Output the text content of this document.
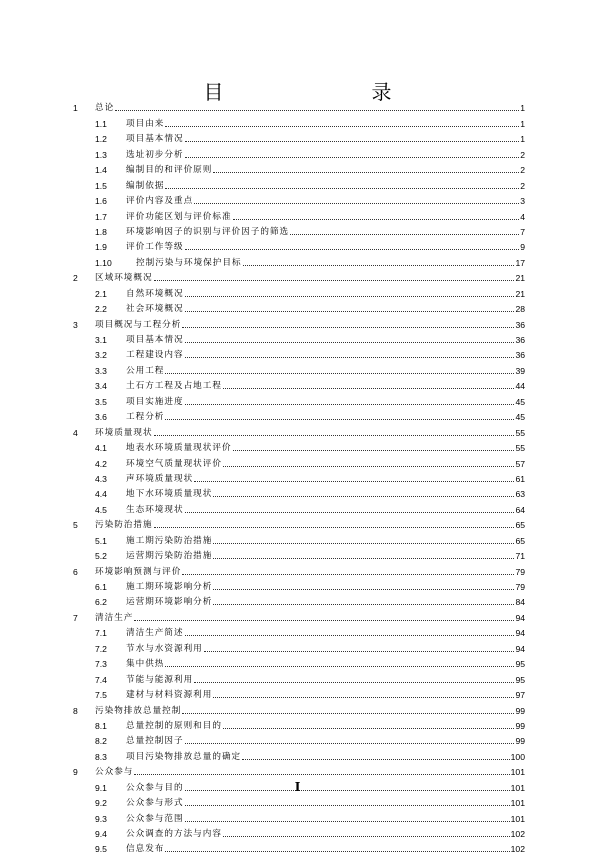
目　　录
1 总论	1
1.1 项目由来	1
1.2 项目基本情况	1
1.3 选址初步分析	2
1.4 编制目的和评价原则	2
1.5 编制依据	2
1.6 评价内容及重点	3
1.7 评价功能区划与评价标准	4
1.8 环境影响因子的识别与评价因子的筛选	7
1.9 评价工作等级	9
1.10	控制污染与环境保护目标	17
2 区域环境概况	21
2.1 自然环境概况	21
2.2 社会环境概况	28
3 项目概况与工程分析	36
3.1 项目基本情况	36
3.2 工程建设内容	36
3.3 公用工程	39
3.4 土石方工程及占地工程	44
3.5 项目实施进度	45
3.6 工程分析	45
4 环境质量现状	55
4.1 地表水环境质量现状评价	55
4.2 环境空气质量现状评价	57
4.3 声环境质量现状	61
4.4 地下水环境质量现状	63
4.5 生态环境现状	64
5 污染防治措施	65
5.1 施工期污染防治措施	65
5.2 运营期污染防治措施	71
6 环境影响预测与评价	79
6.1 施工期环境影响分析	79
6.2 运营期环境影响分析	84
7 清洁生产	94
7.1 清洁生产简述	94
7.2 节水与水资源利用	94
7.3 集中供热	95
7.4 节能与能源利用	95
7.5 建材与材料资源利用	97
8 污染物排放总量控制	99
8.1 总量控制的原则和目的	99
8.2 总量控制因子	99
8.3 项目污染物排放总量的确定	100
9 公众参与	101
9.1 公众参与目的	101
9.2 公众参与形式	101
9.3 公众参与范围	101
9.4 公众调查的方法与内容	102
9.5 信息发布	102
I
